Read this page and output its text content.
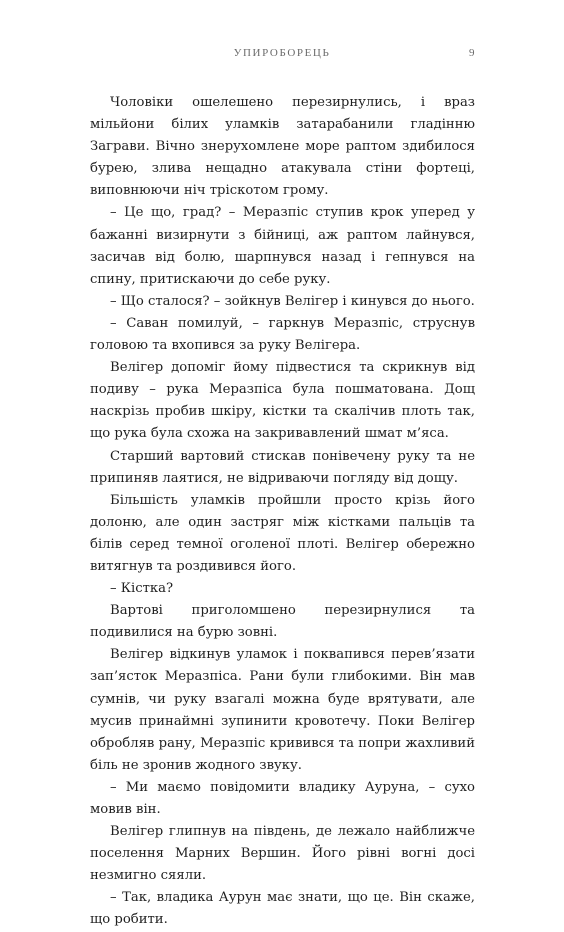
УПИРОБОРЕЦЬ	9

Чоловіки ошелешено перезирнулись, і враз мільйони білих уламків затарабанили гладінню Заграви. Вічно знерухомлене море раптом здибилося бурею, злива нещадно атакувала стіни фортеці, виповнюючи ніч тріскотом грому.

– Це що, град? – Меразпіс ступив крок уперед у бажанні визирнути з бійниці, аж раптом лайнувся, засичав від болю, шарпнувся назад і гепнувся на спину, притискаючи до себе руку.

– Що сталося? – зойкнув Велігер і кинувся до нього.

– Саван помилуй, – гаркнув Меразпіс, струснув головою та вхопився за руку Велігера.

Велігер допоміг йому підвестися та скрикнув від подиву – рука Меразпіса була пошматована. Дощ наскрізь пробив шкіру, кістки та скалічив плоть так, що рука була схожа на закривавлений шмат м’яса.

Старший вартовий стискав понівечену руку та не припиняв лаятися, не відриваючи погляду від дощу.

Більшість уламків пройшли просто крізь його долоню, але один застряг між кістками пальців та білів серед темної оголеної плоті. Велігер обережно витягнув та роздивився його.

– Кістка?

Вартові приголомшено перезирнулися та подивилися на бурю зовні.

Велігер відкинув уламок і поквапився перев’язати зап’ясток Меразпіса. Рани були глибокими. Він мав сумнів, чи руку взагалі можна буде врятувати, але мусив принаймні зупинити кровотечу. Поки Велігер обробляв рану, Меразпіс кривився та попри жахливий біль не зронив жодного звуку.

– Ми маємо повідомити владику Ауруна, – сухо мовив він.

Велігер глипнув на південь, де лежало найближче поселення Марних Вершин. Його рівні вогні досі незмигно сяяли.

– Так, владика Аурун має знати, що це. Він скаже, що робити.
